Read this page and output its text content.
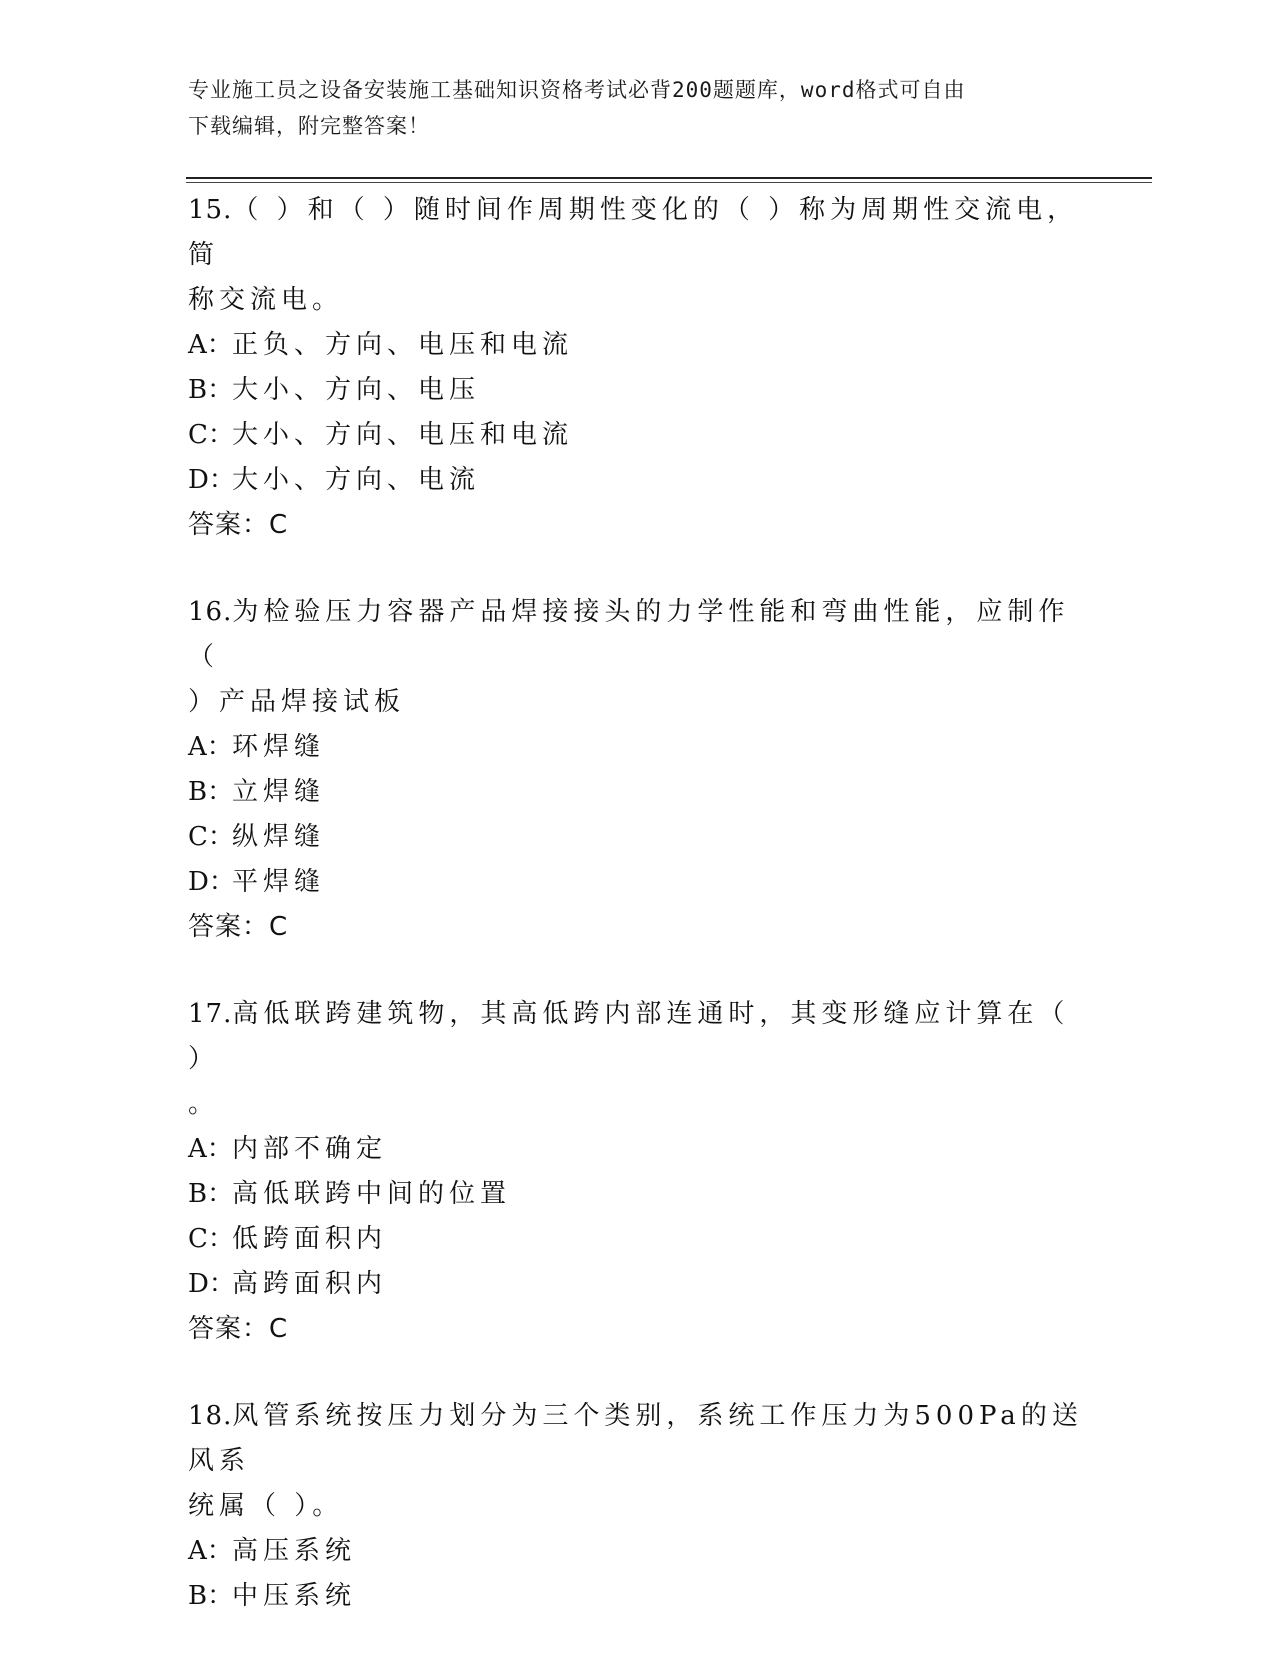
专业施工员之设备安装施工基础知识资格考试必背200题题库，word格式可自由
下载编辑，附完整答案！

15.（ ）和（ ）随时间作周期性变化的（ ）称为周期性交流电，简

称交流电。

A：正负、方向、电压和电流

B：大小、方向、电压

C：大小、方向、电压和电流

D：大小、方向、电流

答案：C

16.为检验压力容器产品焊接接头的力学性能和弯曲性能，应制作（

）产品焊接试板

A：环焊缝

B：立焊缝

C：纵焊缝

D：平焊缝

答案：C

17.高低联跨建筑物，其高低跨内部连通时，其变形缝应计算在（ ）

。

A：内部不确定

B：高低联跨中间的位置

C：低跨面积内

D：高跨面积内

答案：C

18.风管系统按压力划分为三个类别，系统工作压力为500Pa的送风系

统属（ ）。

A：高压系统

B：中压系统
